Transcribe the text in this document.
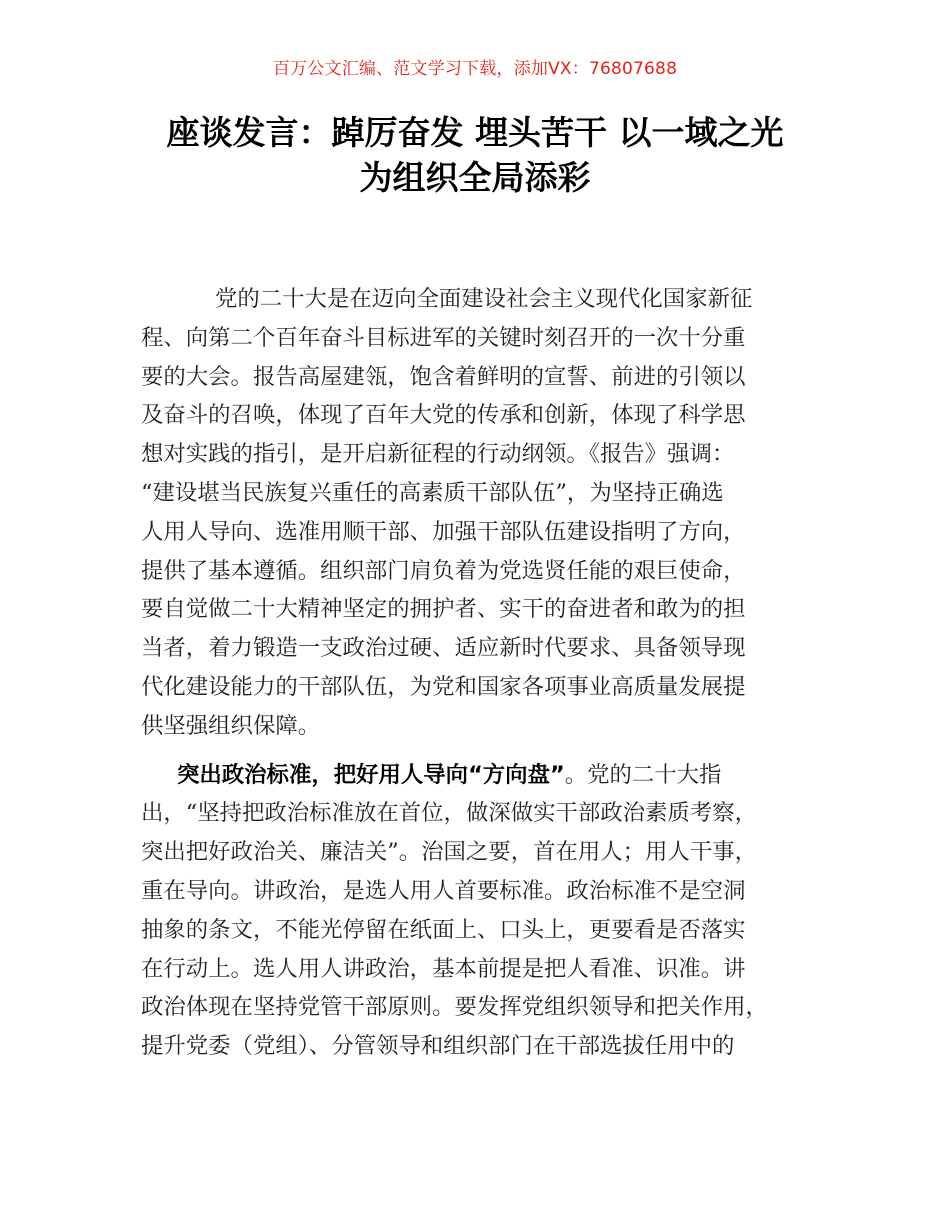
百万公文汇编、范文学习下载，添加VX：76807688
座谈发言：踔厉奋发 埋头苦干 以一域之光
为组织全局添彩

党的二十大是在迈向全面建设社会主义现代化国家新征
程、向第二个百年奋斗目标进军的关键时刻召开的一次十分重
要的大会。报告高屋建瓴，饱含着鲜明的宣誓、前进的引领以
及奋斗的召唤，体现了百年大党的传承和创新，体现了科学思
想对实践的指引，是开启新征程的行动纲领。《报告》强调：
“建设堪当民族复兴重任的高素质干部队伍”，为坚持正确选
人用人导向、选准用顺干部、加强干部队伍建设指明了方向，
提供了基本遵循。组织部门肩负着为党选贤任能的艰巨使命，
要自觉做二十大精神坚定的拥护者、实干的奋进者和敢为的担
当者，着力锻造一支政治过硬、适应新时代要求、具备领导现
代化建设能力的干部队伍，为党和国家各项事业高质量发展提
供坚强组织保障。

突出政治标准，把好用人导向“方向盘”。党的二十大指
出，“坚持把政治标准放在首位，做深做实干部政治素质考察，
突出把好政治关、廉洁关”。治国之要，首在用人；用人干事，
重在导向。讲政治，是选人用人首要标准。政治标准不是空洞
抽象的条文，不能光停留在纸面上、口头上，更要看是否落实
在行动上。选人用人讲政治，基本前提是把人看准、识准。讲
政治体现在坚持党管干部原则。要发挥党组织领导和把关作用，
提升党委（党组）、分管领导和组织部门在干部选拔任用中的
